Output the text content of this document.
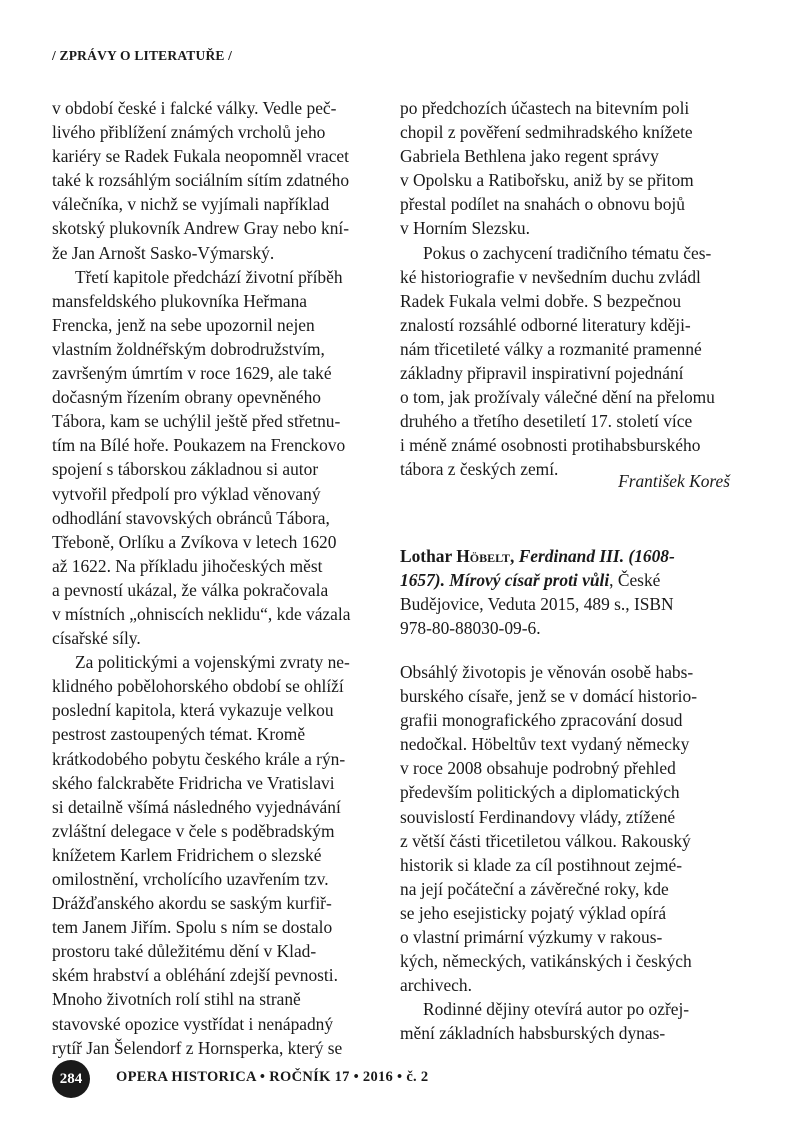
/ ZPRÁVY O LITERATUŘE /
v období české i falcké války. Vedle peč-
livého přiblížení známých vrcholů jeho
kariéry se Radek Fukala neopomněl vracet
také k rozsáhlým sociálním sítím zdatného
válečníka, v nichž se vyjímali například
skotský plukovník Andrew Gray nebo kní-
že Jan Arnošt Sasko-Výmarský.
Třetí kapitole předchází životní příběh
mansfeldského plukovníka Heřmana
Frencka, jenž na sebe upozornil nejen
vlastním žoldnéřským dobrodružstvím,
završeným úmrtím v roce 1629, ale také
dočasným řízením obrany opevněného
Tábora, kam se uchýlil ještě před střetnu-
tím na Bílé hoře. Poukazem na Frenckovo
spojení s táborskou základnou si autor
vytvořil předpolí pro výklad věnovaný
odhodlání stavovských obránců Tábora,
Třeboně, Orlíku a Zvíkova v letech 1620
až 1622. Na příkladu jihočeských měst
a pevností ukázal, že válka pokračovala
v místních „ohniscích neklidu“, kde vázala
císařské síly.
Za politickými a vojenskými zvraty ne-
klidného pobělohorského období se ohlíží
poslední kapitola, která vykazuje velkou
pestrost zastoupených témat. Kromě
krátkodobého pobytu českého krále a rýn-
ského falckraběte Fridricha ve Vratislavi
si detailně všímá následného vyjednávání
zvláštní delegace v čele s poděbradským
knížetem Karlem Fridrichem o slezské
omilostnění, vrcholícího uzavřením tzv.
Drážďanského akordu se saským kurfiř-
tem Janem Jiřím. Spolu s ním se dostalo
prostoru také důležitému dění v Klad-
ském hrabství a obléhání zdejší pevnosti.
Mnoho životních rolí stihl na straně
stavovské opozice vystřídat i nenápadný
rytíř Jan Šelendorf z Hornsperka, který se
po předchozích účastech na bitevním poli
chopil z pověření sedmihradského knížete
Gabriela Bethlena jako regent správy
v Opolsku a Ratibořsku, aniž by se přitom
přestal podílet na snahách o obnovu bojů
v Horním Slezsku.
Pokus o zachycení tradičního tématu čes-
ké historiografie v nevšedním duchu zvládl
Radek Fukala velmi dobře. S bezpečnou
znalostí rozsáhlé odborné literatury kději-
nám třicetileté války a rozmanité pramenné
základny připravil inspirativní pojednání
o tom, jak prožívaly válečné dění na přelomu
druhého a třetího desetiletí 17. století více
i méně známé osobnosti protihabsburského
tábora z českých zemí.
František Koreš
Lothar Höbelt, Ferdinand III. (1608-
1657). Mírový císař proti vůli, České
Budějovice, Veduta 2015, 489 s., ISBN
978-80-88030-09-6.
Obsáhlý životopis je věnován osobě habs-
burského císaře, jenž se v domácí historio-
grafii monografického zpracování dosud
nedočkal. Höbeltův text vydaný německy
v roce 2008 obsahuje podrobný přehled
především politických a diplomatických
souvislostí Ferdinandovy vlády, ztížené
z větší části třicetiletou válkou. Rakouský
historik si klade za cíl postihnout zejmé-
na její počáteční a závěrečné roky, kde
se jeho esejisticky pojatý výklad opírá
o vlastní primární výzkumy v rakous-
kých, německých, vatikánských i českých
archivech.
Rodinné dějiny otevírá autor po ozřej-
mění základních habsburských dynas-
284	OPERA HISTORICA • ROČNÍK 17 • 2016 • č. 2
